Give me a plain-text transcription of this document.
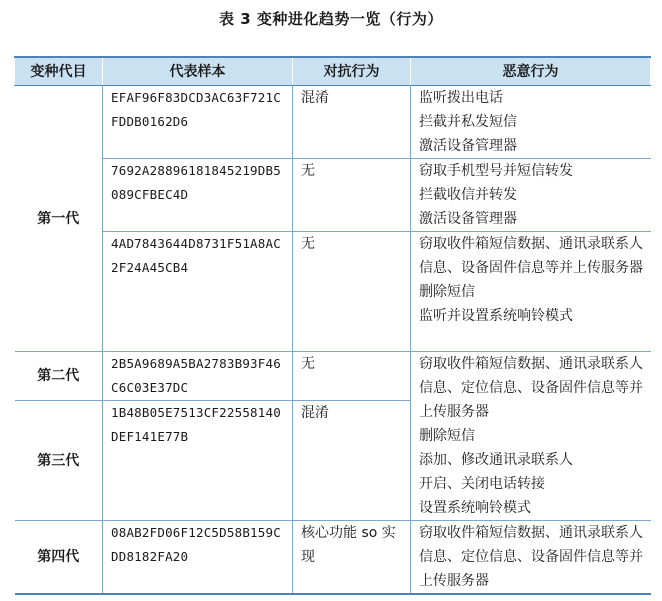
表 3 变种进化趋势一览（行为）
变种代目	代表样本	对抗行为	恶意行为
第一代	EFAF96F83DCD3AC63F721CFDDB0162D6	混淆	监听拨出电话
拦截并私发短信
激活设备管理器

	7692A28896181845219DB5089CFBEC4D	无	窃取手机型号并短信转发
拦截收信并转发
激活设备管理器

	4AD7843644D8731F51A8AC2F24A45CB4	无	窃取收件箱短信数据、通讯录联系人信息、设备固件信息等并上传服务器
删除短信
监听并设置系统响铃模式

第二代	2B5A9689A5BA2783B93F46C6C03E37DC	无	窃取收件箱短信数据、通讯录联系人信息、定位信息、设备固件信息等并上传服务器
删除短信
添加、修改通讯录联系人
开启、关闭电话转接
设置系统响铃模式

第三代	1B48B05E7513CF22558140DEF141E77B	混淆	
第四代	08AB2FD06F12C5D58B159CDD8182FA20	核心功能 so 实现	窃取收件箱短信数据、通讯录联系人信息、定位信息、设备固件信息等并上传服务器
